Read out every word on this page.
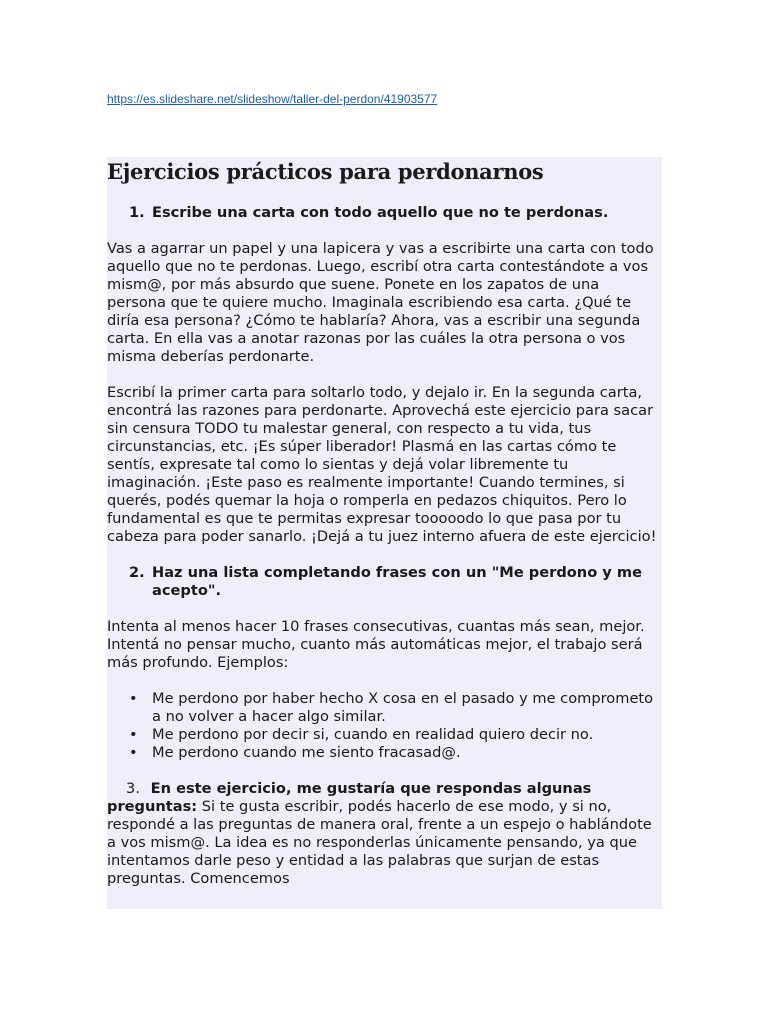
https://es.slideshare.net/slideshow/taller-del-perdon/41903577
Ejercicios prácticos para perdonarnos
1. Escribe una carta con todo aquello que no te perdonas.

Vas a agarrar un papel y una lapicera y vas a escribirte una carta con todo aquello que no te perdonas. Luego, escribí otra carta contestándote a vos mism@, por más absurdo que suene. Ponete en los zapatos de una persona que te quiere mucho. Imaginala escribiendo esa carta. ¿Qué te diría esa persona? ¿Cómo te hablaría? Ahora, vas a escribir una segunda carta. En ella vas a anotar razonas por las cuáles la otra persona o vos misma deberías perdonarte.

Escribí la primer carta para soltarlo todo, y dejalo ir. En la segunda carta, encontrá las razones para perdonarte. Aprovechá este ejercicio para sacar sin censura TODO tu malestar general, con respecto a tu vida, tus circunstancias, etc. ¡Es súper liberador! Plasmá en las cartas cómo te sentís, expresate tal como lo sientas y dejá volar libremente tu imaginación. ¡Este paso es realmente importante! Cuando termines, si querés, podés quemar la hoja o romperla en pedazos chiquitos. Pero lo fundamental es que te permitas expresar tooooodo lo que pasa por tu cabeza para poder sanarlo. ¡Dejá a tu juez interno afuera de este ejercicio!

2. Haz una lista completando frases con un "Me perdono y me acepto".

Intenta al menos hacer 10 frases consecutivas, cuantas más sean, mejor. Intentá no pensar mucho, cuanto más automáticas mejor, el trabajo será más profundo. Ejemplos:

•
Me perdono por haber hecho X cosa en el pasado y me comprometo a no volver a hacer algo similar.
•
Me perdono por decir si, cuando en realidad quiero decir no.
•
Me perdono cuando me siento fracasad@.

3. En este ejercicio, me gustaría que respondas algunas preguntas: Si te gusta escribir, podés hacerlo de ese modo, y si no, respondé a las preguntas de manera oral, frente a un espejo o hablándote a vos mism@. La idea es no responderlas únicamente pensando, ya que intentamos darle peso y entidad a las palabras que surjan de estas preguntas. Comencemos
